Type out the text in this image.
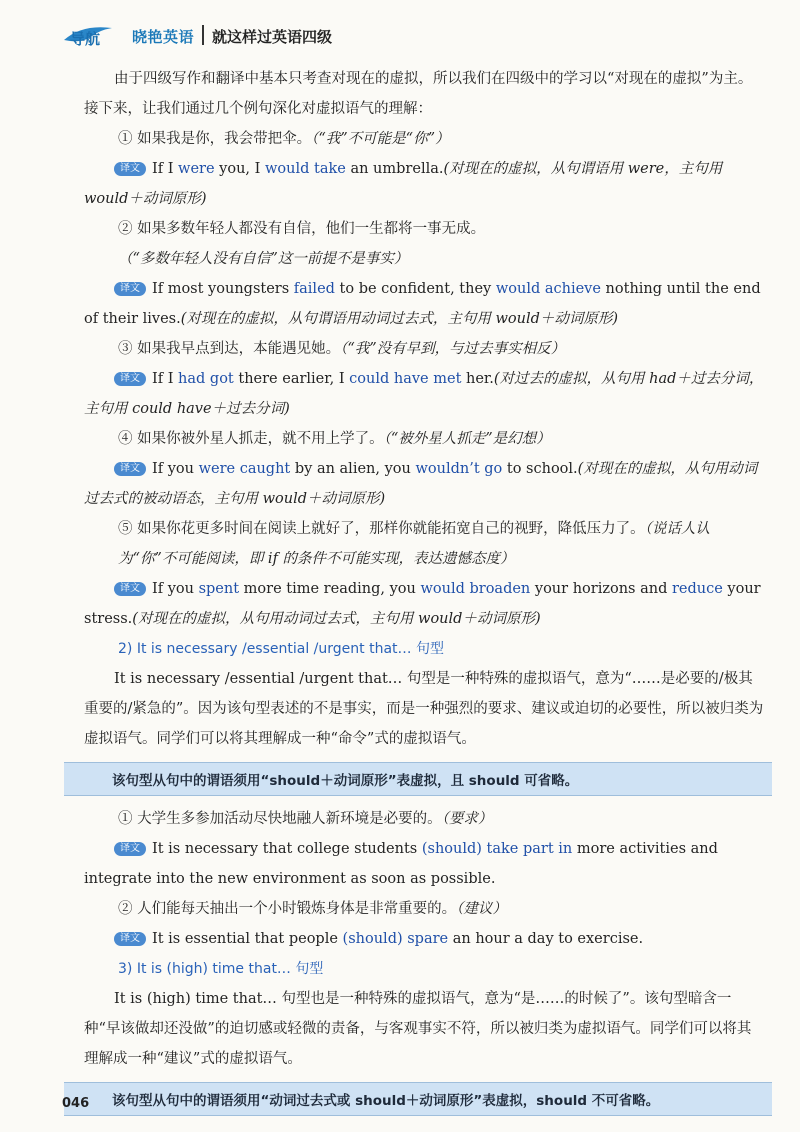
导航 晓艳英语 就这样过英语四级

由于四级写作和翻译中基本只考查对现在的虚拟，所以我们在四级中的学习以“对现在的虚拟”为主。接下来，让我们通过几个例句深化对虚拟语气的理解：

① 如果我是你，我会带把伞。（“我”不可能是“你”）

译文 If I were you, I would take an umbrella.(对现在的虚拟，从句谓语用 were，主句用would＋动词原形)

② 如果多数年轻人都没有自信，他们一生都将一事无成。（“多数年轻人没有自信”这一前提不是事实）

译文 If most youngsters failed to be confident, they would achieve nothing until the end of their lives.(对现在的虚拟，从句谓语用动词过去式，主句用 would＋动词原形)

③ 如果我早点到达，本能遇见她。（“我”没有早到，与过去事实相反）

译文 If I had got there earlier, I could have met her.(对过去的虚拟，从句用 had＋过去分词，主句用 could have＋过去分词)

④ 如果你被外星人抓走，就不用上学了。（“被外星人抓走”是幻想）

译文 If you were caught by an alien, you wouldn’t go to school.(对现在的虚拟，从句用动词过去式的被动语态，主句用 would＋动词原形)

⑤ 如果你花更多时间在阅读上就好了，那样你就能拓宽自己的视野，降低压力了。（说话人认为“你”不可能阅读，即 if 的条件不可能实现，表达遗憾态度）

译文 If you spent more time reading, you would broaden your horizons and reduce your stress.(对现在的虚拟，从句用动词过去式，主句用 would＋动词原形)

2) It is necessary /essential /urgent that… 句型

It is necessary /essential /urgent that… 句型是一种特殊的虚拟语气，意为“……是必要的/极其重要的/紧急的”。因为该句型表述的不是事实，而是一种强烈的要求、建议或迫切的必要性，所以被归类为虚拟语气。同学们可以将其理解成一种“命令”式的虚拟语气。

该句型从句中的谓语须用“should＋动词原形”表虚拟，且 should 可省略。

① 大学生多参加活动尽快地融人新环境是必要的。（要求）

译文 It is necessary that college students (should) take part in more activities and integrate into the new environment as soon as possible.

② 人们能每天抽出一个小时锻炼身体是非常重要的。（建议）

译文 It is essential that people (should) spare an hour a day to exercise.

3) It is (high) time that… 句型

It is (high) time that… 句型也是一种特殊的虚拟语气，意为“是……的时候了”。该句型暗含一种“早该做却还没做”的迫切感或轻微的责备，与客观事实不符，所以被归类为虚拟语气。同学们可以将其理解成一种“建议”式的虚拟语气。

该句型从句中的谓语须用“动词过去式或 should＋动词原形”表虚拟，should 不可省略。
046
